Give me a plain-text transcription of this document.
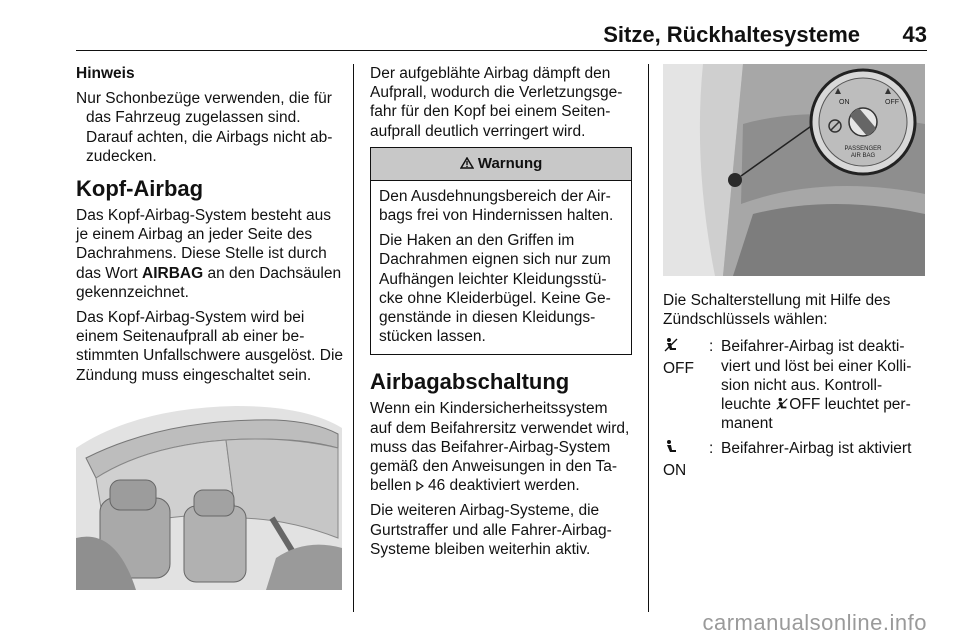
Sitze, Rückhaltesysteme 43

Hinweis

Nur Schonbezüge verwenden, die für das Fahrzeug zugelassen sind. Darauf achten, die Airbags nicht abzudecken.

Kopf-Airbag

Das Kopf-Airbag-System besteht aus je einem Airbag an jeder Seite des Dachrahmens. Diese Stelle ist durch das Wort AIRBAG an den Dachsäulen gekennzeichnet.

Das Kopf-Airbag-System wird bei einem Seitenaufprall ab einer bestimmten Unfallschwere ausgelöst. Die Zündung muss eingeschaltet sein.

Der aufgeblähte Airbag dämpft den Aufprall, wodurch die Verletzungsgefahr für den Kopf bei einem Seitenaufprall deutlich verringert wird.

Warnung

Den Ausdehnungsbereich der Airbags frei von Hindernissen halten.

Die Haken an den Griffen im Dachrahmen eignen sich nur zum Aufhängen leichter Kleidungsstücke ohne Kleiderbügel. Keine Gegenstände in diesen Kleidungsstücken lassen.

Airbagabschaltung

Wenn ein Kindersicherheitssystem auf dem Beifahrersitz verwendet wird, muss das Beifahrer-Airbag-System gemäß den Anweisungen in den Tabellen  46 deaktiviert werden.

Die weiteren Airbag-Systeme, die Gurtstraffer und alle Fahrer-Airbag-Systeme bleiben weiterhin aktiv.

ON	OFF
PASSENGER
AIR BAG

Die Schalterstellung mit Hilfe des Zündschlüssels wählen:

OFF
: Beifahrer-Airbag ist deaktiviert und löst bei einer Kollision nicht aus. Kontrollleuchte OFF leuchtet permanent
ON
: Beifahrer-Airbag ist aktiviert
carmanualsonline.info
